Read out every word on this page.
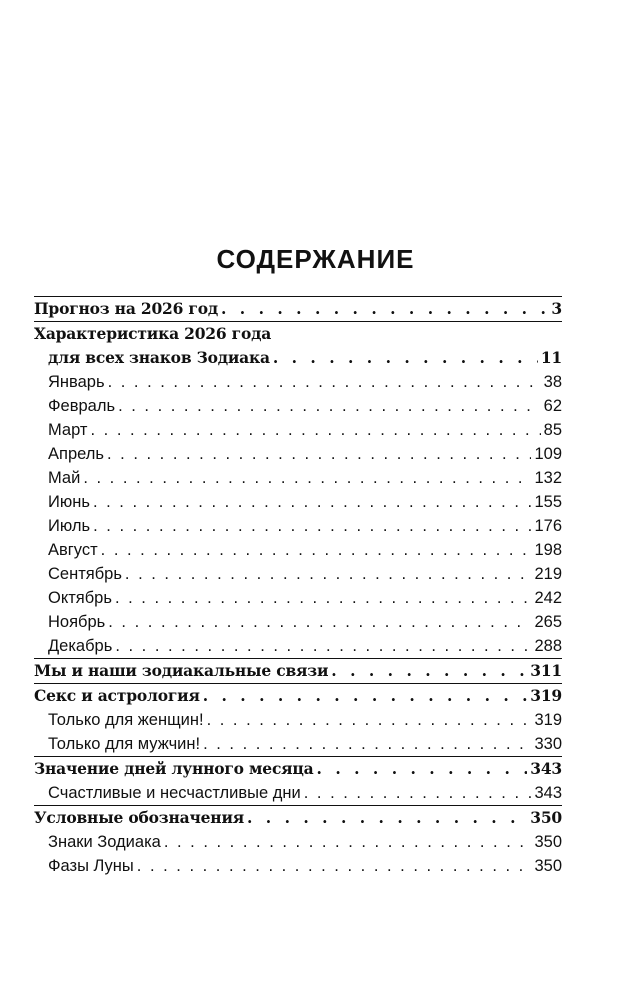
СОДЕРЖАНИЕ
Прогноз на 2026 год . . .	3
Характеристика 2026 года
для всех знаков Зодиака . . .	11
Январь . . .	38
Февраль . . .	62
Март . . .	85
Апрель . . .	109
Май . . .	132
Июнь . . .	155
Июль . . .	176
Август . . .	198
Сентябрь . . .	219
Октябрь . . .	242
Ноябрь . . .	265
Декабрь . . .	288
Мы и наши зодиакальные связи . . .	311
Секс и астрология . . .	319
Только для женщин! . . .	319
Только для мужчин! . . .	330
Значение дней лунного месяца . . .	343
Счастливые и несчастливые дни . . .	343
Условные обозначения . . .	350
Знаки Зодиака . . .	350
Фазы Луны . . .	350
